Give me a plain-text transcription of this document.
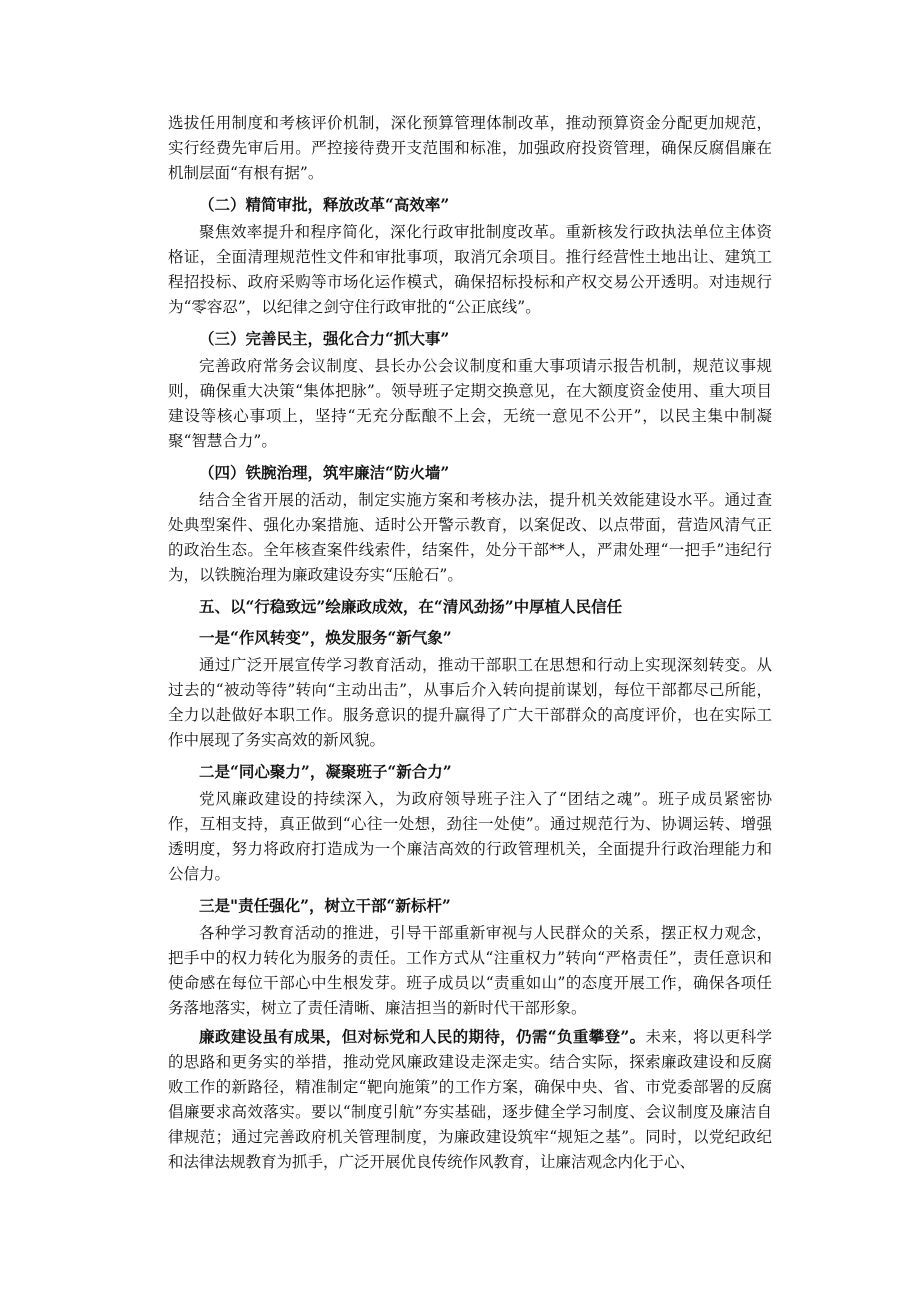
选拔任用制度和考核评价机制，深化预算管理体制改革，推动预算资金分配更加规范，实行经费先审后用。严控接待费开支范围和标准，加强政府投资管理，确保反腐倡廉在机制层面“有根有据”。

（二）精简审批，释放改革“高效率”

聚焦效率提升和程序简化，深化行政审批制度改革。重新核发行政执法单位主体资格证，全面清理规范性文件和审批事项，取消冗余项目。推行经营性土地出让、建筑工程招投标、政府采购等市场化运作模式，确保招标投标和产权交易公开透明。对违规行为“零容忍”，以纪律之剑守住行政审批的“公正底线”。

（三）完善民主，强化合力“抓大事”

完善政府常务会议制度、县长办公会议制度和重大事项请示报告机制，规范议事规则，确保重大决策“集体把脉”。领导班子定期交换意见，在大额度资金使用、重大项目建设等核心事项上，坚持“无充分酝酿不上会，无统一意见不公开”，以民主集中制凝聚“智慧合力”。

（四）铁腕治理，筑牢廉洁“防火墙”

结合全省开展的活动，制定实施方案和考核办法，提升机关效能建设水平。通过查处典型案件、强化办案措施、适时公开警示教育，以案促改、以点带面，营造风清气正的政治生态。全年核查案件线索件，结案件，处分干部**人，严肃处理“一把手”违纪行为，以铁腕治理为廉政建设夯实“压舱石”。

五、以“行稳致远”绘廉政成效，在“清风劲扬”中厚植人民信任

一是“作风转变”，焕发服务“新气象”

通过广泛开展宣传学习教育活动，推动干部职工在思想和行动上实现深刻转变。从过去的“被动等待”转向“主动出击”，从事后介入转向提前谋划，每位干部都尽己所能，全力以赴做好本职工作。服务意识的提升赢得了广大干部群众的高度评价，也在实际工作中展现了务实高效的新风貌。

二是“同心聚力”，凝聚班子“新合力”

党风廉政建设的持续深入，为政府领导班子注入了“团结之魂”。班子成员紧密协作，互相支持，真正做到“心往一处想，劲往一处使”。通过规范行为、协调运转、增强透明度，努力将政府打造成为一个廉洁高效的行政管理机关，全面提升行政治理能力和公信力。

三是"责任强化”，树立干部“新标杆”

各种学习教育活动的推进，引导干部重新审视与人民群众的关系，摆正权力观念，把手中的权力转化为服务的责任。工作方式从“注重权力”转向“严格责任”，责任意识和使命感在每位干部心中生根发芽。班子成员以“责重如山”的态度开展工作，确保各项任务落地落实，树立了责任清晰、廉洁担当的新时代干部形象。

廉政建设虽有成果，但对标党和人民的期待，仍需“负重攀登”。未来，将以更科学的思路和更务实的举措，推动党风廉政建设走深走实。结合实际，探索廉政建设和反腐败工作的新路径，精准制定“靶向施策”的工作方案，确保中央、省、市党委部署的反腐倡廉要求高效落实。要以“制度引航”夯实基础，逐步健全学习制度、会议制度及廉洁自律规范；通过完善政府机关管理制度，为廉政建设筑牢“规矩之基”。同时，以党纪政纪和法律法规教育为抓手，广泛开展优良传统作风教育，让廉洁观念内化于心、
